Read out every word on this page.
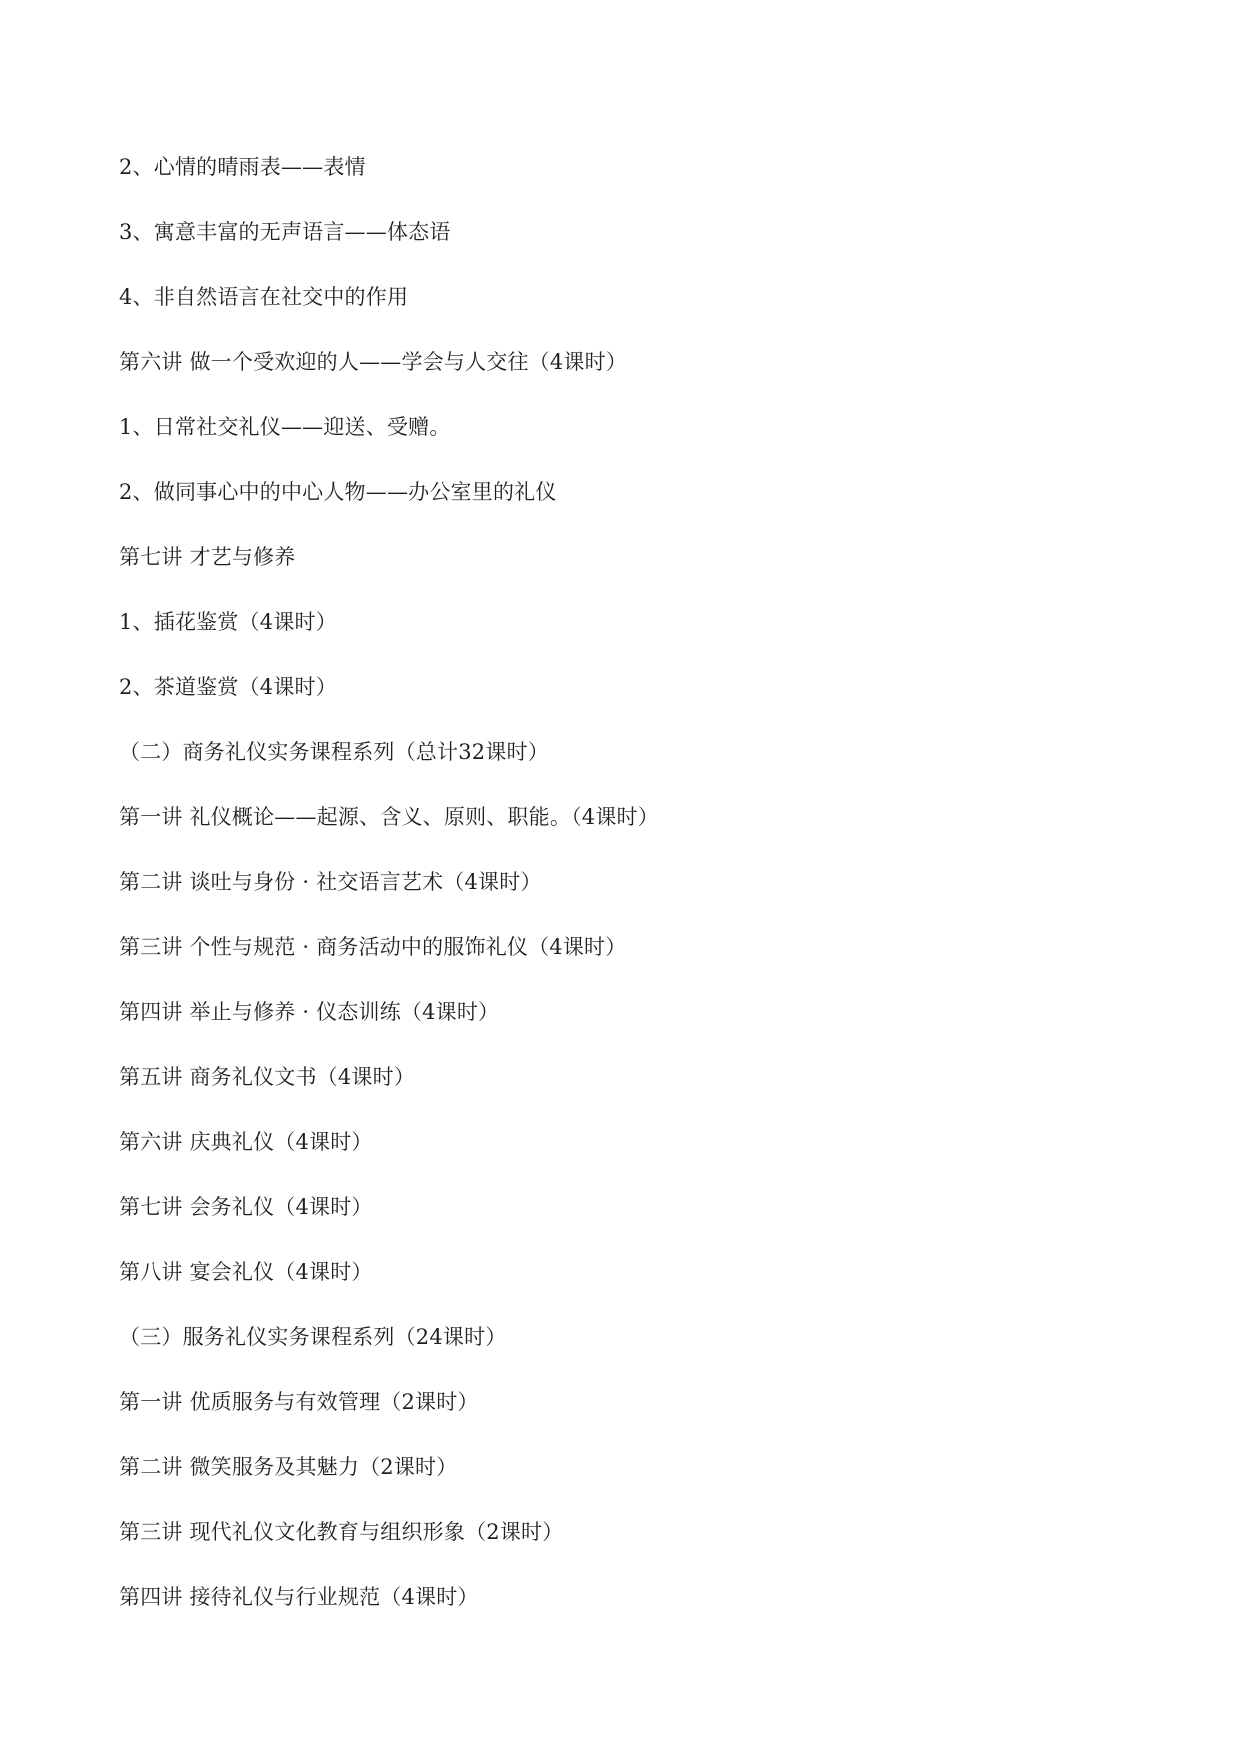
2、心情的晴雨表——表情
3、寓意丰富的无声语言——体态语
4、非自然语言在社交中的作用
第六讲 做一个受欢迎的人——学会与人交往（4课时）
1、日常社交礼仪——迎送、受赠。
2、做同事心中的中心人物——办公室里的礼仪
第七讲 才艺与修养
1、插花鉴赏（4课时）
2、茶道鉴赏（4课时）
（二）商务礼仪实务课程系列（总计32课时）
第一讲 礼仪概论——起源、含义、原则、职能。（4课时）
第二讲 谈吐与身份 · 社交语言艺术（4课时）
第三讲 个性与规范 · 商务活动中的服饰礼仪（4课时）
第四讲 举止与修养 · 仪态训练（4课时）
第五讲 商务礼仪文书（4课时）
第六讲 庆典礼仪（4课时）
第七讲 会务礼仪（4课时）
第八讲 宴会礼仪（4课时）
（三）服务礼仪实务课程系列（24课时）
第一讲 优质服务与有效管理（2课时）
第二讲 微笑服务及其魅力（2课时）
第三讲 现代礼仪文化教育与组织形象（2课时）
第四讲 接待礼仪与行业规范（4课时）
